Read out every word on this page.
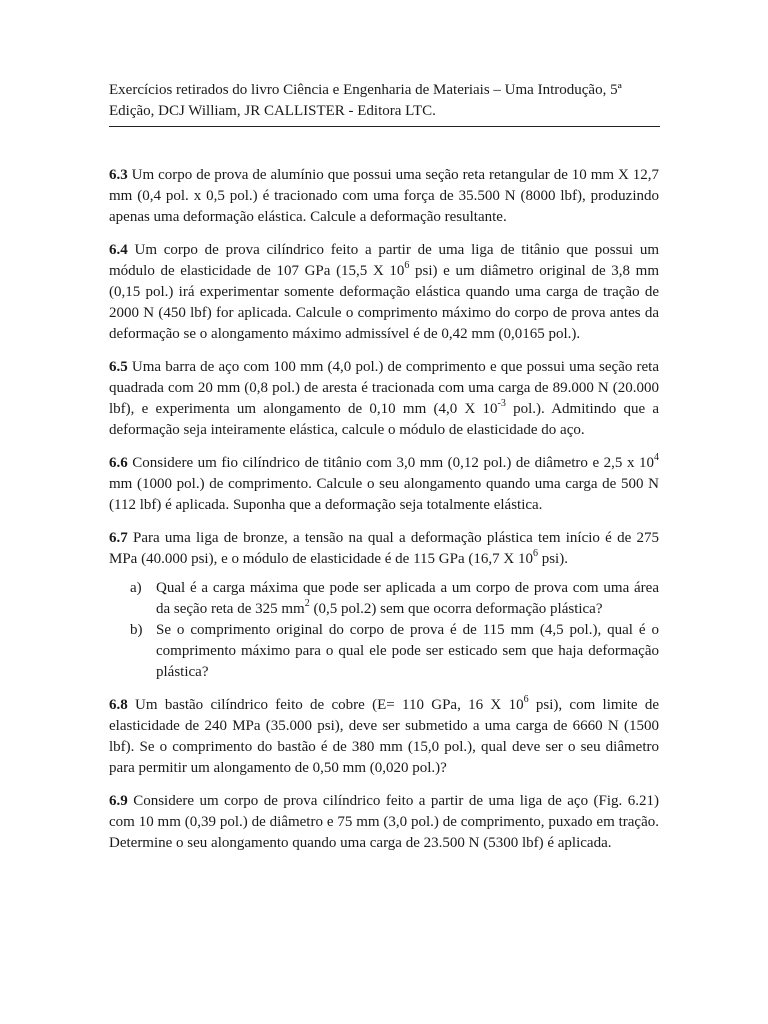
Exercícios retirados do livro Ciência e Engenharia de Materiais – Uma Introdução, 5ª
Edição, DCJ William, JR CALLISTER - Editora LTC.

6.3 Um corpo de prova de alumínio que possui uma seção reta retangular de 10 mm X 12,7 mm (0,4 pol. x 0,5 pol.) é tracionado com uma força de 35.500 N (8000 lbf), produzindo apenas uma deformação elástica. Calcule a deformação resultante.

6.4 Um corpo de prova cilíndrico feito a partir de uma liga de titânio que possui um módulo de elasticidade de 107 GPa (15,5 X $10^6$ psi) e um diâmetro original de 3,8 mm (0,15 pol.) irá experimentar somente deformação elástica quando uma carga de tração de 2000 N (450 lbf) for aplicada. Calcule o comprimento máximo do corpo de prova antes da deformação se o alongamento máximo admissível é de 0,42 mm (0,0165 pol.).

6.5 Uma barra de aço com 100 mm (4,0 pol.) de comprimento e que possui uma seção reta quadrada com 20 mm (0,8 pol.) de aresta é tracionada com uma carga de 89.000 N (20.000 lbf), e experimenta um alongamento de 0,10 mm (4,0 X $10^{-3}$ pol.). Admitindo que a deformação seja inteiramente elástica, calcule o módulo de elasticidade do aço.

6.6 Considere um fio cilíndrico de titânio com 3,0 mm (0,12 pol.) de diâmetro e 2,5 x $10^4$ mm (1000 pol.) de comprimento. Calcule o seu alongamento quando uma carga de 500 N (112 lbf) é aplicada. Suponha que a deformação seja totalmente elástica.

6.7 Para uma liga de bronze, a tensão na qual a deformação plástica tem início é de 275 MPa (40.000 psi), e o módulo de elasticidade é de 115 GPa (16,7 X $10^6$ psi).

a) Qual é a carga máxima que pode ser aplicada a um corpo de prova com uma área da seção reta de 325 $mm^2$ (0,5 pol.2) sem que ocorra deformação plástica?
b) Se o comprimento original do corpo de prova é de 115 mm (4,5 pol.), qual é o comprimento máximo para o qual ele pode ser esticado sem que haja deformação plástica?

6.8 Um bastão cilíndrico feito de cobre (E= 110 GPa, 16 X $10^6$ psi), com limite de elasticidade de 240 MPa (35.000 psi), deve ser submetido a uma carga de 6660 N (1500 lbf). Se o comprimento do bastão é de 380 mm (15,0 pol.), qual deve ser o seu diâmetro para permitir um alongamento de 0,50 mm (0,020 pol.)?

6.9 Considere um corpo de prova cilíndrico feito a partir de uma liga de aço (Fig. 6.21) com 10 mm (0,39 pol.) de diâmetro e 75 mm (3,0 pol.) de comprimento, puxado em tração. Determine o seu alongamento quando uma carga de 23.500 N (5300 lbf) é aplicada.
